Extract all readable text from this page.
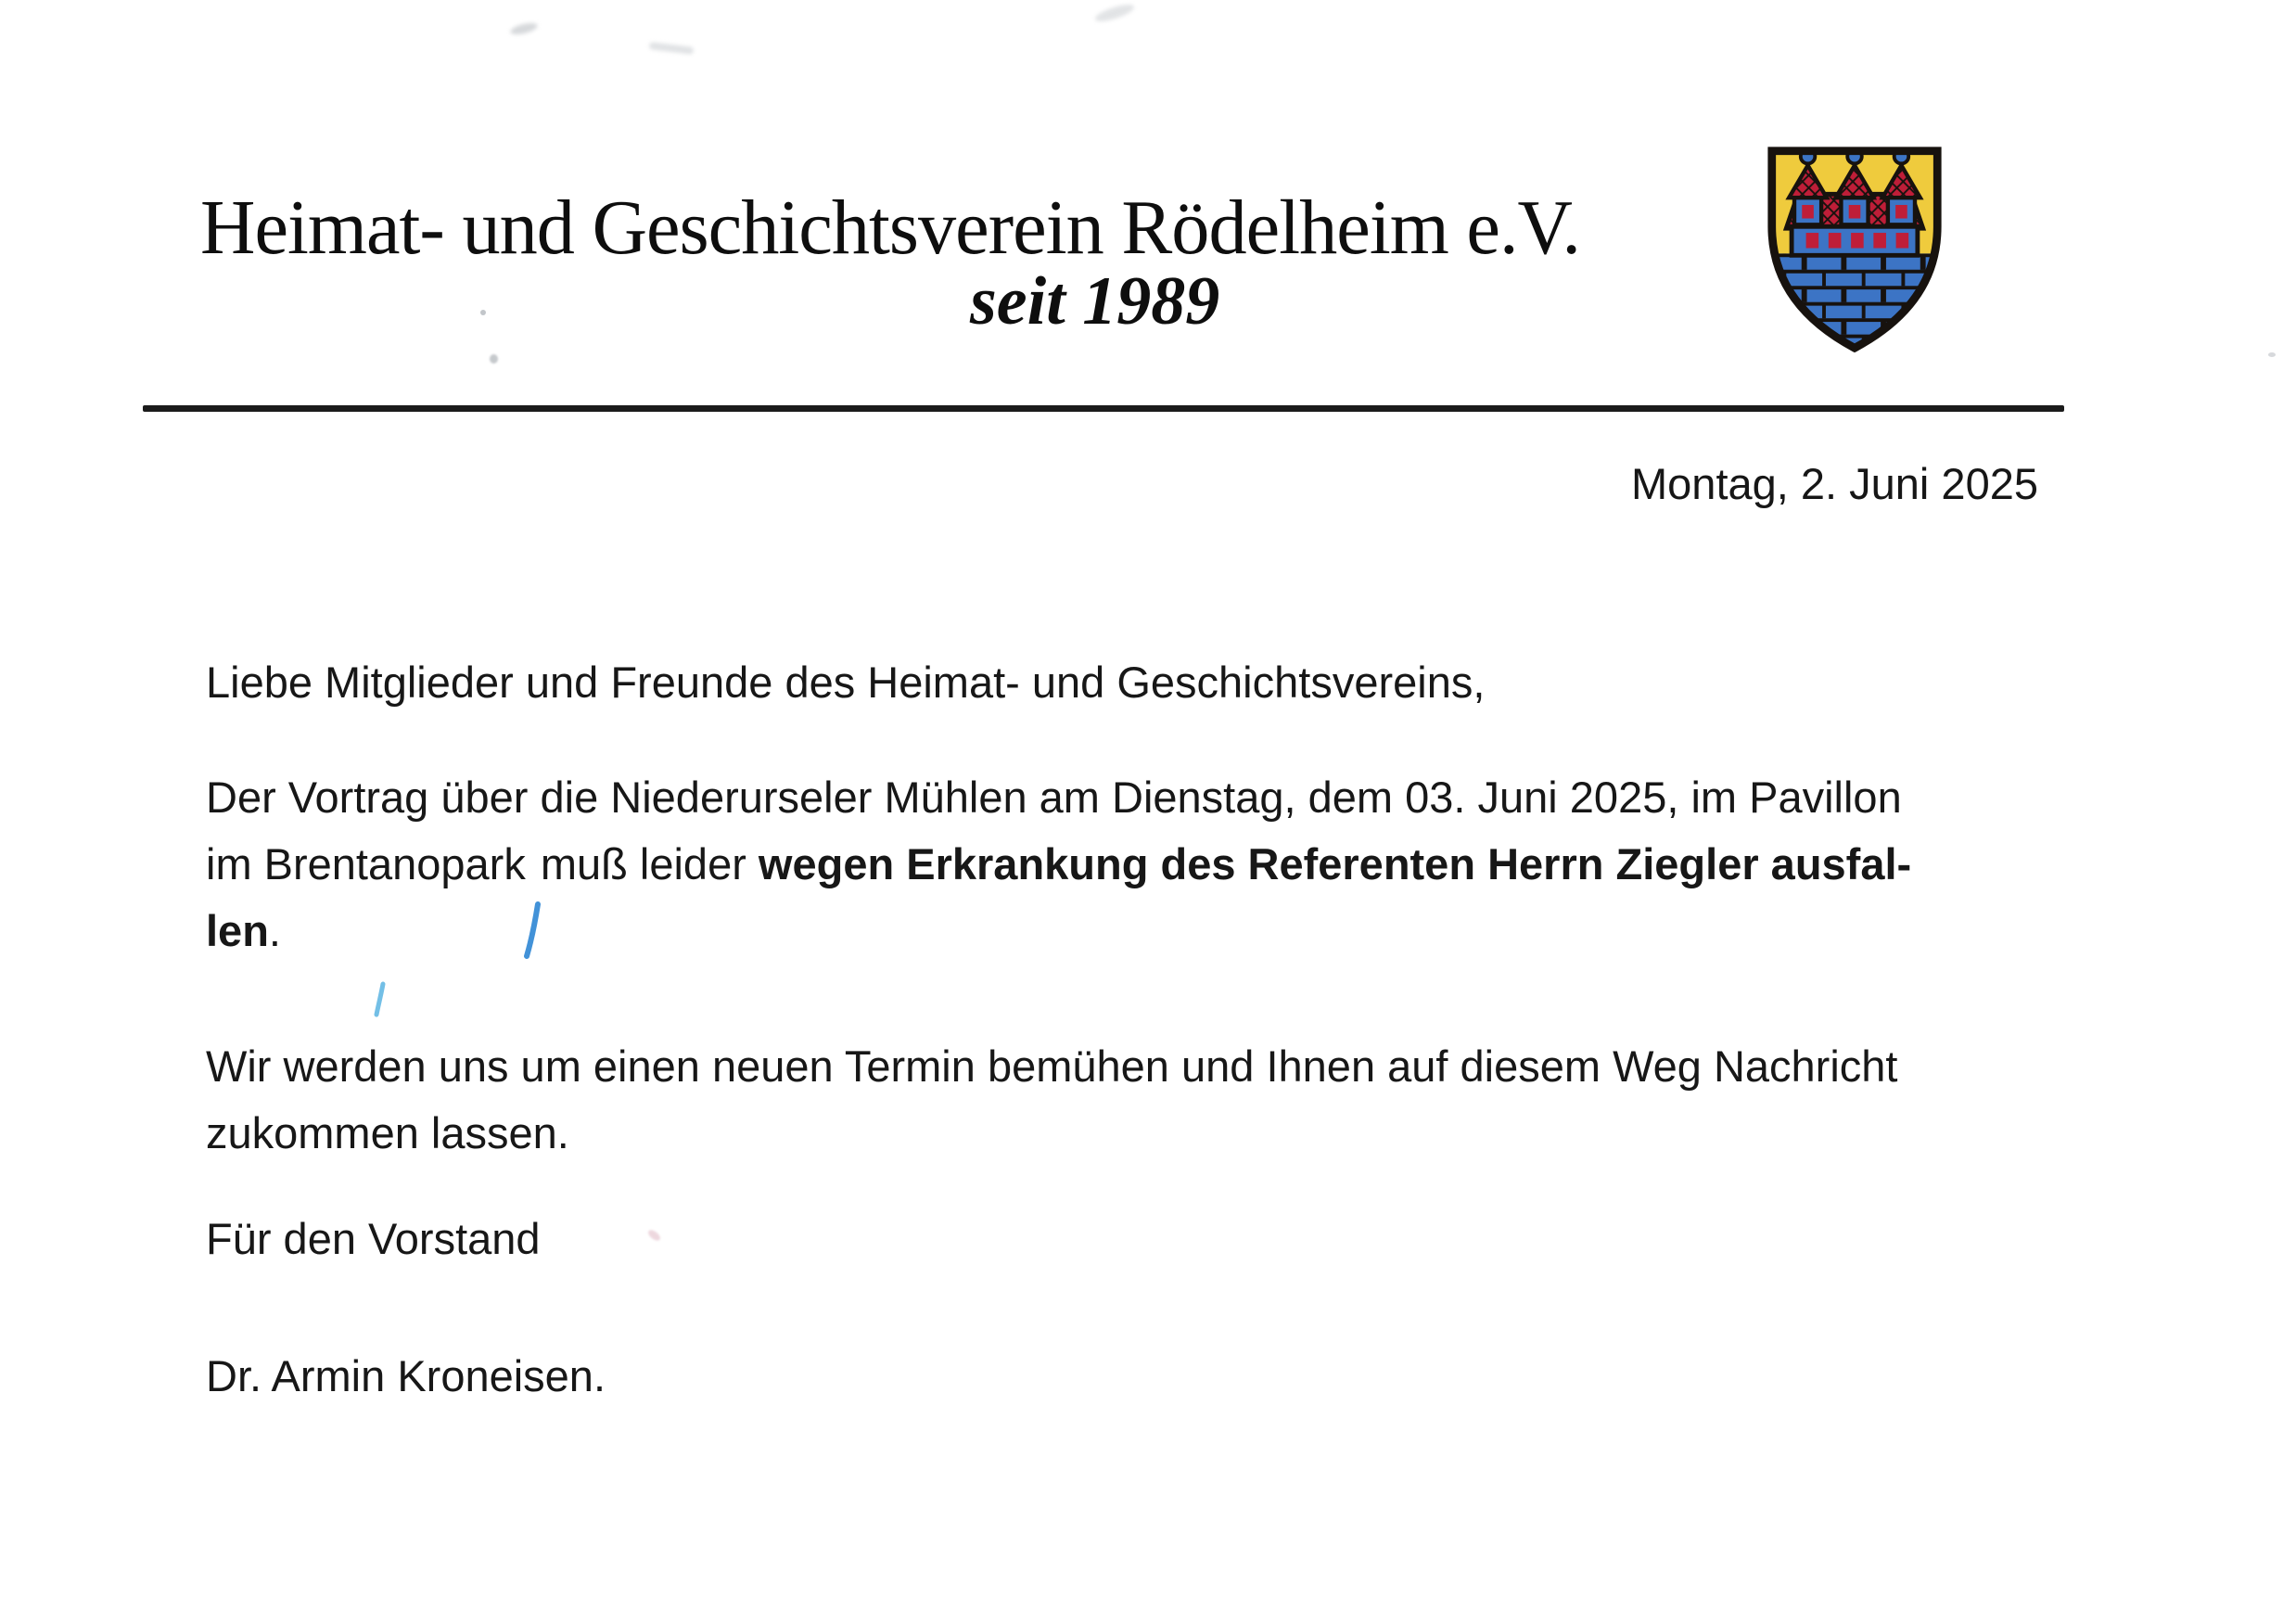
Heimat- und Geschichtsverein Rödelheim e.V.
seit 1989
Montag, 2. Juni 2025
Liebe Mitglieder und Freunde des Heimat- und Geschichtsvereins,
Der Vortrag über die Niederurseler Mühlen am Dienstag, dem 03. Juni 2025, im Pavillon
im Brentanopark muß leider wegen Erkrankung des Referenten Herrn Ziegler ausfal-
len.
Wir werden uns um einen neuen Termin bemühen und Ihnen auf diesem Weg Nachricht
zukommen lassen.
Für den Vorstand
Dr. Armin Kroneisen.
